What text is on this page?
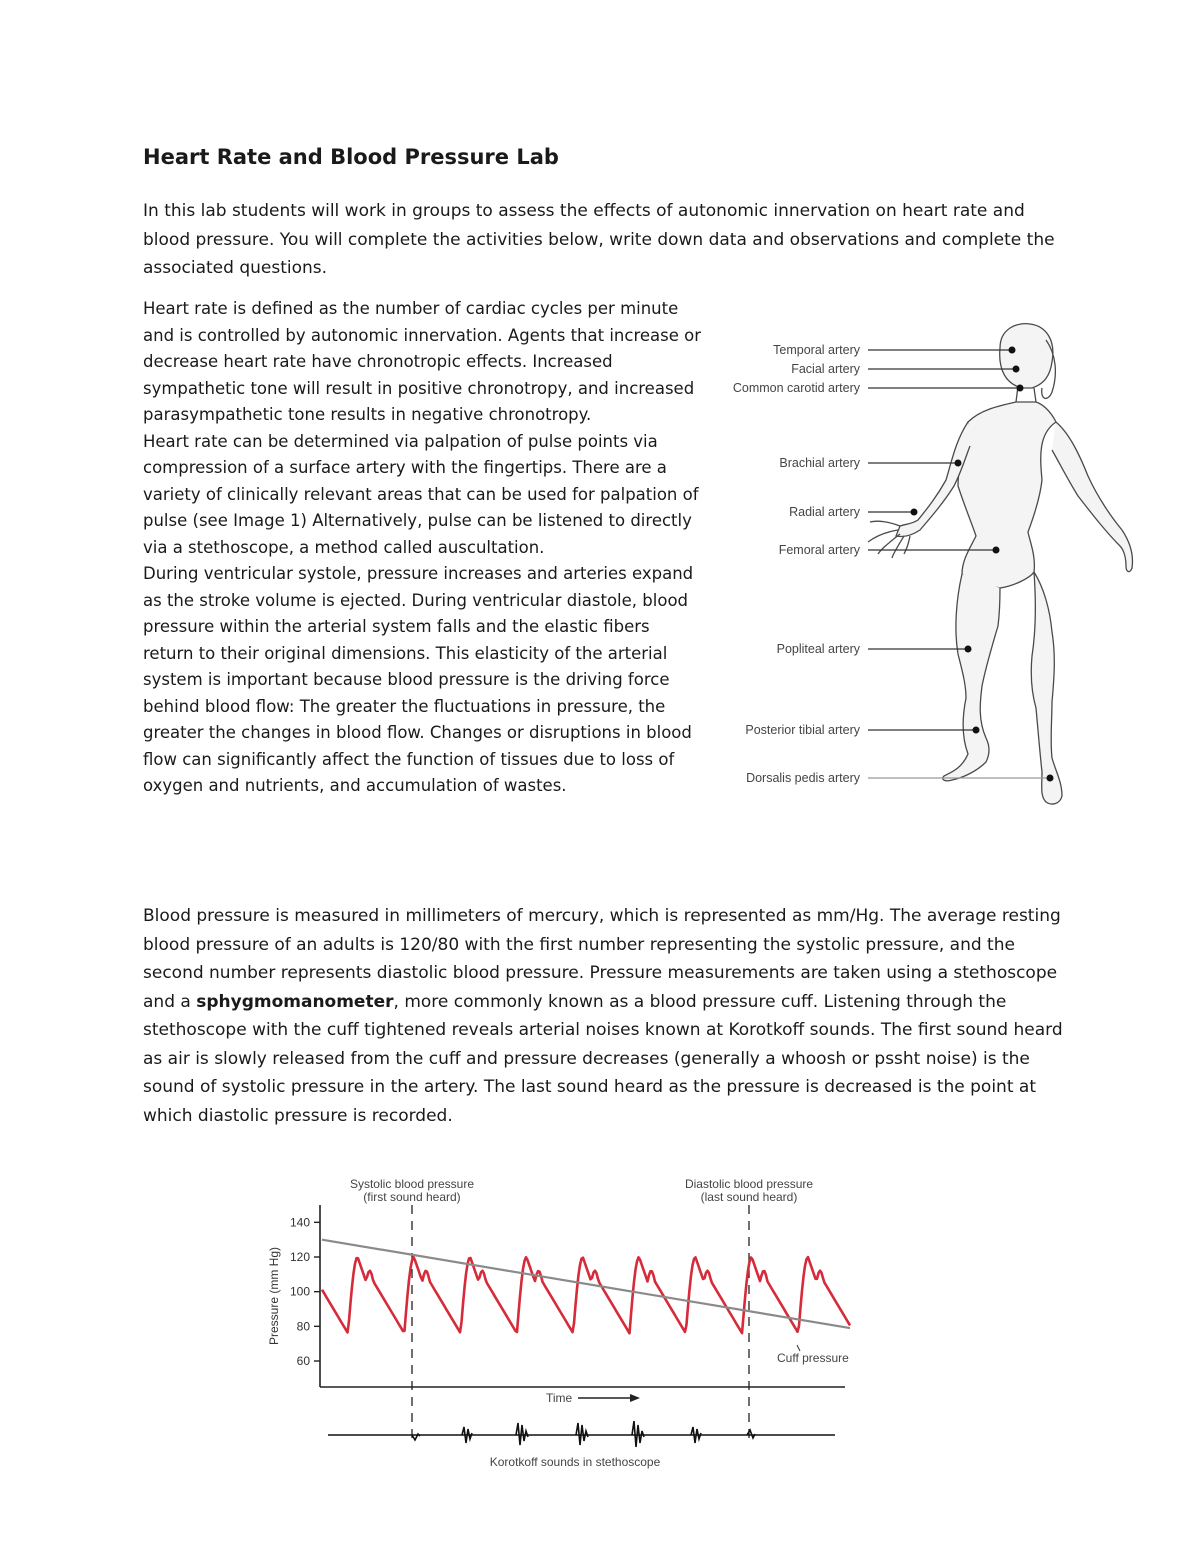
Heart Rate and Blood Pressure Lab

In this lab students will work in groups to assess the effects of autonomic innervation on heart rate and blood pressure. You will complete the activities below, write down data and observations and complete the associated questions.

Heart rate is defined as the number of cardiac cycles per minute and is controlled by autonomic innervation. Agents that increase or decrease heart rate have chronotropic effects. Increased sympathetic tone will result in positive chronotropy, and increased parasympathetic tone results in negative chronotropy.

Heart rate can be determined via palpation of pulse points via compression of a surface artery with the fingertips. There are a variety of clinically relevant areas that can be used for palpation of pulse (see Image 1) Alternatively, pulse can be listened to directly via a stethoscope, a method called auscultation.

During ventricular systole, pressure increases and arteries expand as the stroke volume is ejected. During ventricular diastole, blood pressure within the arterial system falls and the elastic fibers return to their original dimensions. This elasticity of the arterial system is important because blood pressure is the driving force behind blood flow: The greater the fluctuations in pressure, the greater the changes in blood flow. Changes or disruptions in blood flow can significantly affect the function of tissues due to loss of oxygen and nutrients, and accumulation of wastes.

Temporal artery
Facial artery
Common carotid artery
Brachial artery
Radial artery
Femoral artery
Popliteal artery
Posterior tibial artery
Dorsalis pedis artery

Blood pressure is measured in millimeters of mercury, which is represented as mm/Hg. The average resting blood pressure of an adults is 120/80 with the first number representing the systolic pressure, and the second number represents diastolic blood pressure. Pressure measurements are taken using a stethoscope and a sphygmomanometer, more commonly known as a blood pressure cuff. Listening through the stethoscope with the cuff tightened reveals arterial noises known at Korotkoff sounds. The first sound heard as air is slowly released from the cuff and pressure decreases (generally a whoosh or pssht noise) is the sound of systolic pressure in the artery. The last sound heard as the pressure is decreased is the point at which diastolic pressure is recorded.

60
80
100
120
140
Pressure (mm Hg)
Systolic blood pressure
(first sound heard)
Diastolic blood pressure
(last sound heard)
Cuff pressure
Time
Korotkoff sounds in stethoscope
